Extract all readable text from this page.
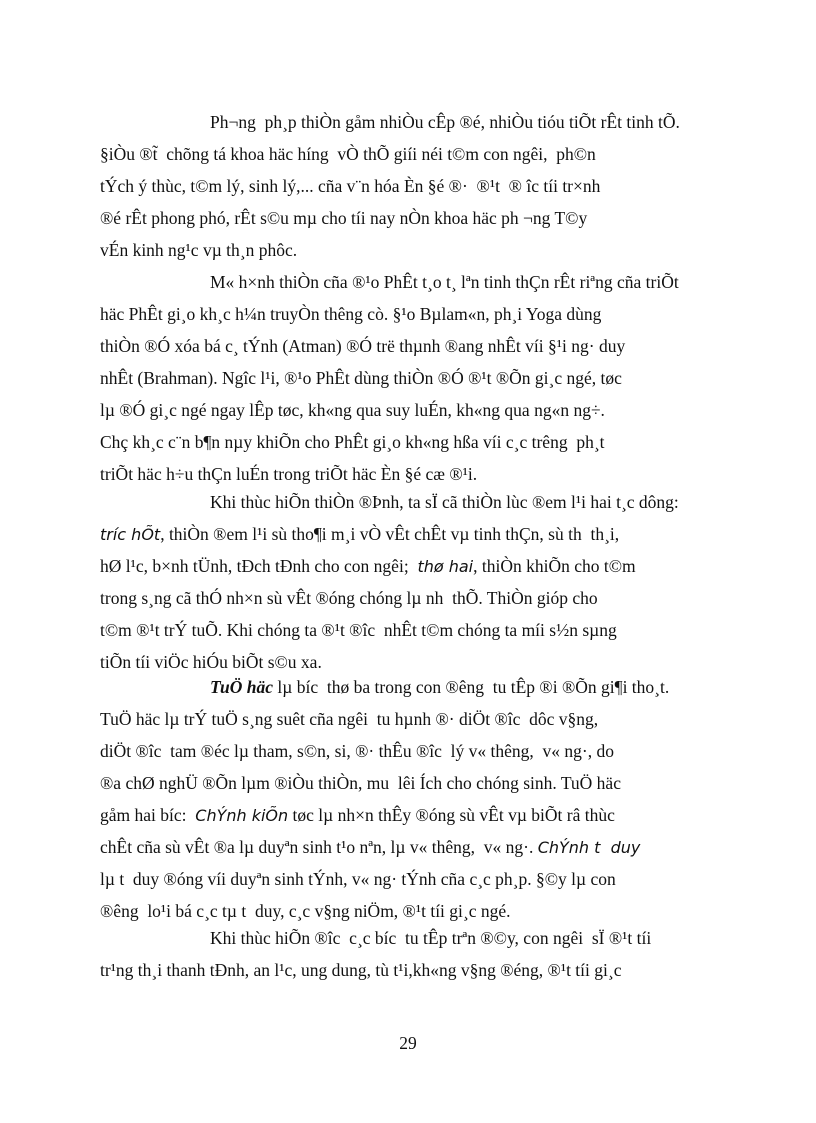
Ph¬ng  ph¸p thiÒn gåm nhiÒu cÊp ®é, nhiÒu tióu tiÕt rÊt tinh tÕ.
§iÒu ®t̃  chõng tá khoa häc híng  vÒ thÕ giíi néi t©m con ngêi,  ph©n
tÝch ý thùc, t©m lý, sinh lý,... cña v¨n hóa Èn §é ®·  ®¹t  ® îc tíi tr×nh
®é rÊt phong phó, rÊt s©u mµ cho tíi nay nÒn khoa häc ph ¬ng T©y
vÉn kinh ng¹c vµ th¸n phôc.
M« h×nh thiÒn cña ®¹o PhÊt t¸o t¸ lªn tinh thÇn rÊt riªng cña triÕt
häc PhÊt gi¸o kh¸c h¼n truyÒn thêng cò. §¹o Bµlam«n, ph¸i Yoga dùng
thiÒn ®Ó xóa bá c¸ tÝnh (Atman) ®Ó trë thµnh ®ang nhÊt víi §¹i ng· duy
nhÊt (Brahman). Ngîc l¹i, ®¹o PhÊt dùng thiÒn ®Ó ®¹t ®Õn gi¸c ngé, tøc
lµ ®Ó gi¸c ngé ngay lÊp tøc, kh«ng qua suy luÉn, kh«ng qua ng«n ng÷.
Chç kh¸c c¨n b¶n nµy khiÕn cho PhÊt gi¸o kh«ng hßa víi c¸c trêng  ph¸t
triÕt häc h÷u thÇn luÉn trong triÕt häc Èn §é cæ ®¹i.
Khi thùc hiÕn thiÒn ®Þnh, ta sÏ cã thiÒn lùc ®em l¹i hai t¸c dông:
tríc hÕt, thiÒn ®em l¹i sù tho¶i m¸i vÒ vÊt chÊt vµ tinh thÇn, sù th  th¸i,
hØ l¹c, b×nh tÜnh, tÐch tÐnh cho con ngêi;  thø hai, thiÒn khiÕn cho t©m
trong s¸ng cã thÓ nh×n sù vÊt ®óng chóng lµ nh  thÕ. ThiÒn gióp cho
t©m ®¹t trÝ tuÕ. Khi chóng ta ®¹t ®îc  nhÊt t©m chóng ta míi s½n sµng
tiÕn tíi viÖc hiÓu biÕt s©u xa.
TuÖ häc lµ bíc  thø ba trong con ®êng  tu tÊp ®i ®Õn gi¶i tho¸t.
TuÖ häc lµ trÝ tuÖ s¸ng suêt cña ngêi  tu hµnh ®· diÖt ®îc  dôc v§ng,
diÖt ®îc  tam ®éc lµ tham, s©n, si, ®· thÊu ®îc  lý v« thêng,  v« ng·, do
®a chØ nghÜ ®Õn lµm ®iÒu thiÒn, mu  lêi Ích cho chóng sinh. TuÖ häc
gåm hai bíc:  ChÝnh kiÕn tøc lµ nh×n thÊy ®óng sù vÊt vµ biÕt râ thùc
chÊt cña sù vÊt ®a lµ duyªn sinh t¹o nªn, lµ v« thêng,  v« ng·. ChÝnh t  duy
lµ t  duy ®óng víi duyªn sinh tÝnh, v« ng· tÝnh cña c¸c ph¸p. §©y lµ con
®êng  lo¹i bá c¸c tµ t  duy, c¸c v§ng niÖm, ®¹t tíi gi¸c ngé.
Khi thùc hiÕn ®îc  c¸c bíc  tu tÊp trªn ®©y, con ngêi  sÏ ®¹t tíi
tr¹ng th¸i thanh tÐnh, an l¹c, ung dung, tù t¹i,kh«ng v§ng ®éng, ®¹t tíi gi¸c
29
